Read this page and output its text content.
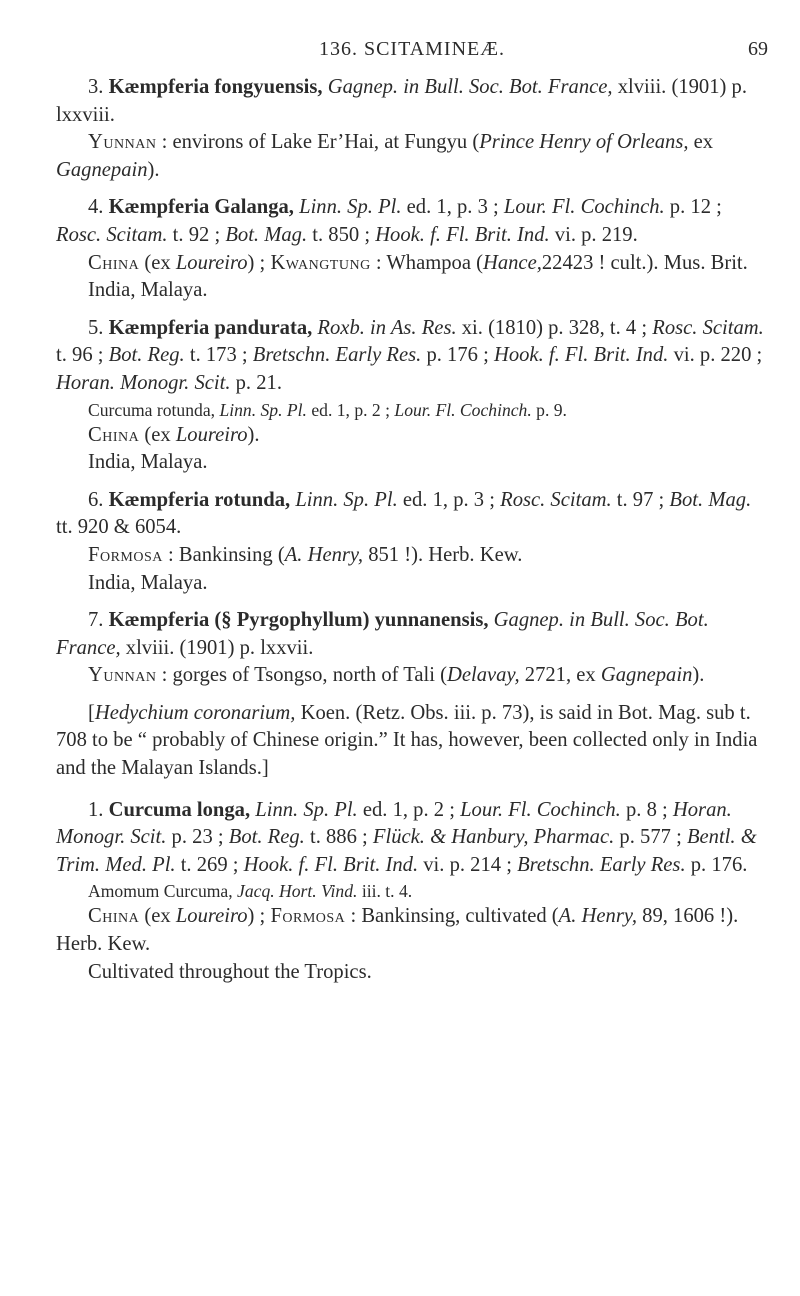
136. SCITAMINEÆ.	69

3. Kæmpferia fongyuensis, Gagnep. in Bull. Soc. Bot. France, xlviii. (1901) p. lxxviii.

Yunnan : environs of Lake Er’Hai, at Fungyu (Prince Henry of Orleans, ex Gagnepain).

4. Kæmpferia Galanga, Linn. Sp. Pl. ed. 1, p. 3 ; Lour. Fl. Cochinch. p. 12 ; Rosc. Scitam. t. 92 ; Bot. Mag. t. 850 ; Hook. f. Fl. Brit. Ind. vi. p. 219.

China (ex Loureiro) ; Kwangtung : Whampoa (Hance,22423 ! cult.). Mus. Brit.

India, Malaya.

5. Kæmpferia pandurata, Roxb. in As. Res. xi. (1810) p. 328, t. 4 ; Rosc. Scitam. t. 96 ; Bot. Reg. t. 173 ; Bretschn. Early Res. p. 176 ; Hook. f. Fl. Brit. Ind. vi. p. 220 ; Horan. Monogr. Scit. p. 21.

Curcuma rotunda, Linn. Sp. Pl. ed. 1, p. 2 ; Lour. Fl. Cochinch. p. 9.

China (ex Loureiro).

India, Malaya.

6. Kæmpferia rotunda, Linn. Sp. Pl. ed. 1, p. 3 ; Rosc. Scitam. t. 97 ; Bot. Mag. tt. 920 & 6054.

Formosa : Bankinsing (A. Henry, 851 !). Herb. Kew.

India, Malaya.

7. Kæmpferia (§ Pyrgophyllum) yunnanensis, Gagnep. in Bull. Soc. Bot. France, xlviii. (1901) p. lxxvii.

Yunnan : gorges of Tsongso, north of Tali (Delavay, 2721, ex Gagnepain).

[Hedychium coronarium, Koen. (Retz. Obs. iii. p. 73), is said in Bot. Mag. sub t. 708 to be “ probably of Chinese origin.” It has, however, been collected only in India and the Malayan Islands.]

1. Curcuma longa, Linn. Sp. Pl. ed. 1, p. 2 ; Lour. Fl. Cochinch. p. 8 ; Horan. Monogr. Scit. p. 23 ; Bot. Reg. t. 886 ; Flück. & Hanbury, Pharmac. p. 577 ; Bentl. & Trim. Med. Pl. t. 269 ; Hook. f. Fl. Brit. Ind. vi. p. 214 ; Bretschn. Early Res. p. 176.

Amomum Curcuma, Jacq. Hort. Vind. iii. t. 4.

China (ex Loureiro) ; Formosa : Bankinsing, cultivated (A. Henry, 89, 1606 !). Herb. Kew.

Cultivated throughout the Tropics.
